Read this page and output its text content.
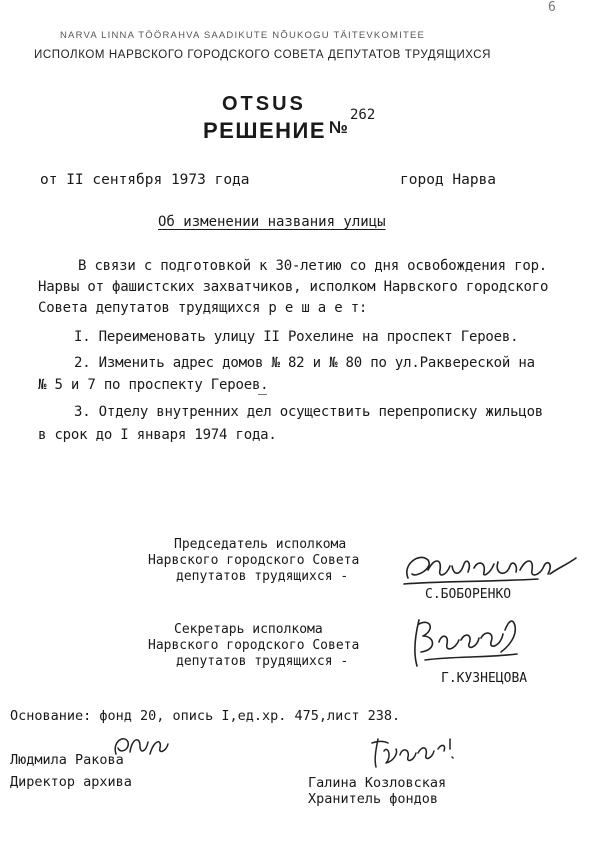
6
NARVA LINNA TÖÖRAHVA SAADIKUTE NÕUKOGU TÄITEVKOMITEE
ИСПОЛКОМ НАРВСКОГО ГОРОДСКОГО СОВЕТА ДЕПУТАТОВ ТРУДЯЩИХСЯ
OTSUS
РЕШЕНИЕ №
262
от II сентября 1973 года	город Нарва
Об изменении названия улицы
В связи с подготовкой к 30-летию со дня освобождения гор.
Нарвы от фашистских захватчиков, исполком Нарвского городского
Совета депутатов трудящихся р е ш а е т:
I. Переименовать улицу II Рохелине на проспект Героев.
2. Изменить адрес домов № 82 и № 80 по ул.Раквереской на
№ 5 и 7 по проспекту Героев.
3. Отделу внутренних дел осуществить перепрописку жильцов
в срок до I января 1974 года.
Председатель исполкома
Нарвского городского Совета
депутатов трудящихся -
С.БОБОРЕНКО
Секретарь исполкома
Нарвского городского Совета
депутатов трудящихся -
Г.КУЗНЕЦОВА
Основание: фонд 20, опись I,ед.хр. 475,лист 238.
Людмила Ракова
Директор архива	Галина Козловская
Хранитель фондов
